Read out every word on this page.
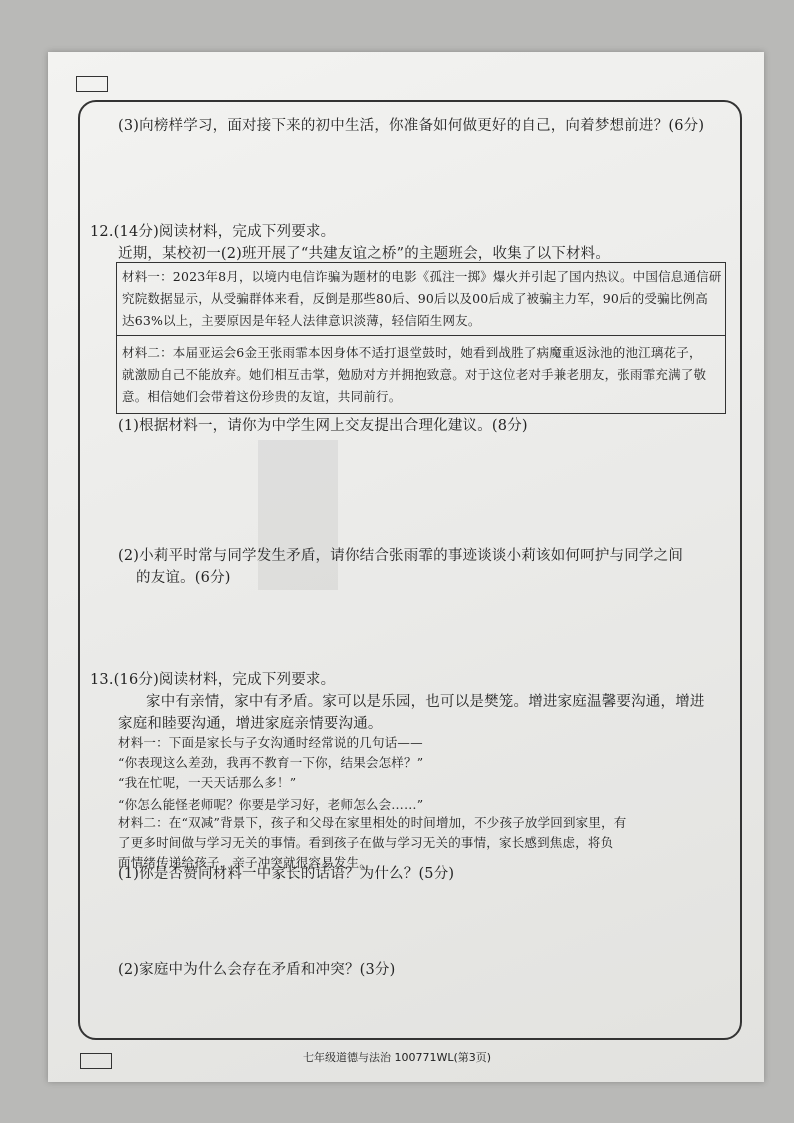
(3)向榜样学习，面对接下来的初中生活，你准备如何做更好的自己，向着梦想前进？(6分)
12.(14分)阅读材料，完成下列要求。
近期，某校初一(2)班开展了“共建友谊之桥”的主题班会，收集了以下材料。
材料一：2023年8月，以境内电信诈骗为题材的电影《孤注一掷》爆火并引起了国内热议。中国信息通信研
究院数据显示，从受骗群体来看，反倒是那些80后、90后以及00后成了被骗主力军，90后的受骗比例高
达63%以上，主要原因是年轻人法律意识淡薄，轻信陌生网友。
材料二：本届亚运会6金王张雨霏本因身体不适打退堂鼓时，她看到战胜了病魔重返泳池的池江璃花子，
就激励自己不能放弃。她们相互击掌，勉励对方并拥抱致意。对于这位老对手兼老朋友，张雨霏充满了敬
意。相信她们会带着这份珍贵的友谊，共同前行。
(1)根据材料一，请你为中学生网上交友提出合理化建议。(8分)
(2)小莉平时常与同学发生矛盾，请你结合张雨霏的事迹谈谈小莉该如何呵护与同学之间
的友谊。(6分)
13.(16分)阅读材料，完成下列要求。
家中有亲情，家中有矛盾。家可以是乐园，也可以是樊笼。增进家庭温馨要沟通，增进
家庭和睦要沟通，增进家庭亲情要沟通。
材料一：下面是家长与子女沟通时经常说的几句话——
“你表现这么差劲，我再不教育一下你，结果会怎样？”
“我在忙呢，一天天话那么多！”
“你怎么能怪老师呢？你要是学习好，老师怎么会……”
材料二：在“双减”背景下，孩子和父母在家里相处的时间增加，不少孩子放学回到家里，有
了更多时间做与学习无关的事情。看到孩子在做与学习无关的事情，家长感到焦虑，将负
面情绪传递给孩子，亲子冲突就很容易发生。
(1)你是否赞同材料一中家长的话语？为什么？(5分)
(2)家庭中为什么会存在矛盾和冲突？(3分)
七年级道德与法治 100771WL(第3页)
